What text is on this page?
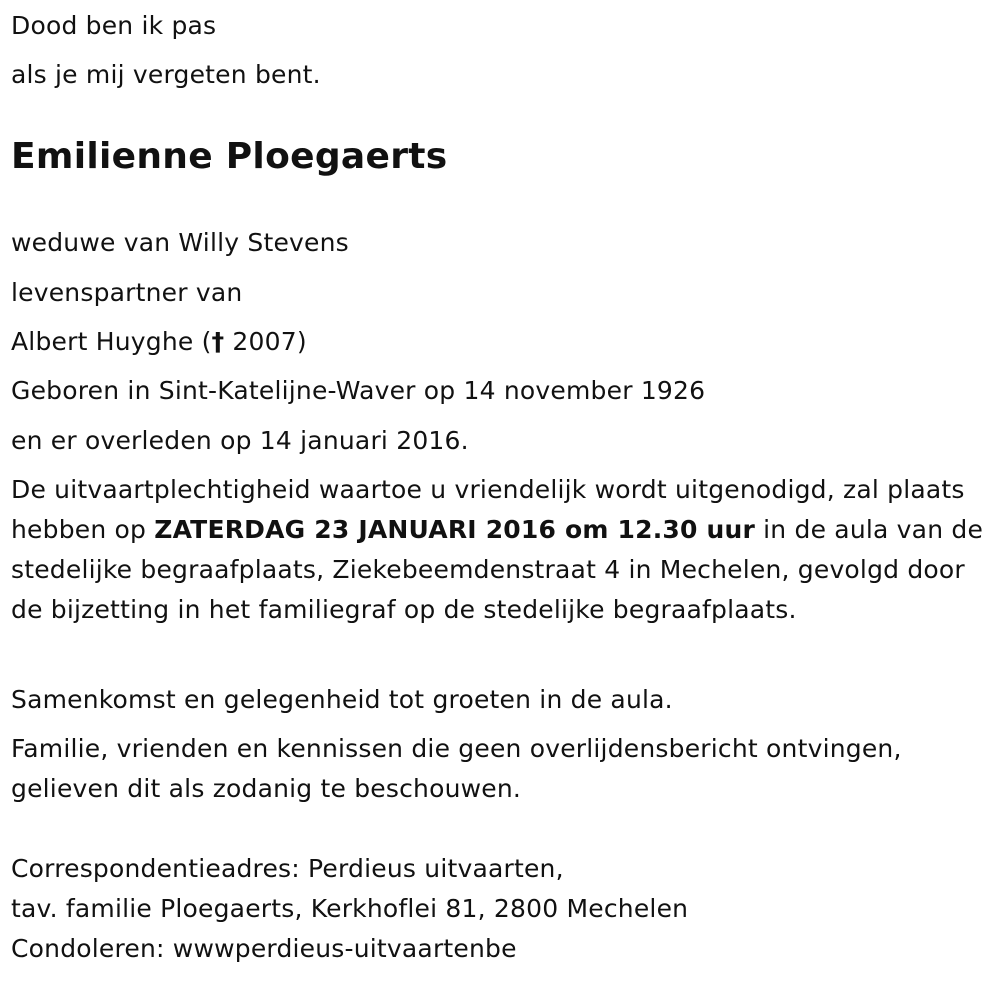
Dood ben ik pas

als je mij vergeten bent.

Emilienne Ploegaerts

weduwe van Willy Stevens

levenspartner van

Albert Huyghe († 2007)

Geboren in Sint-Katelijne-Waver op 14 november 1926

en er overleden op 14 januari 2016.

De uitvaartplechtigheid waartoe u vriendelijk wordt uitgenodigd, zal plaats hebben op ZATERDAG 23 JANUARI 2016 om 12.30 uur in de aula van de stedelijke begraafplaats, Ziekebeemdenstraat 4 in Mechelen, gevolgd door de bijzetting in het familiegraf op de stedelijke begraafplaats.

Samenkomst en gelegenheid tot groeten in de aula.

Familie, vrienden en kennissen die geen overlijdensbericht ontvingen, gelieven dit als zodanig te beschouwen.

Correspondentieadres: Perdieus uitvaarten,

tav. familie Ploegaerts, Kerkhoflei 81, 2800 Mechelen

Condoleren: wwwperdieus-uitvaartenbe
